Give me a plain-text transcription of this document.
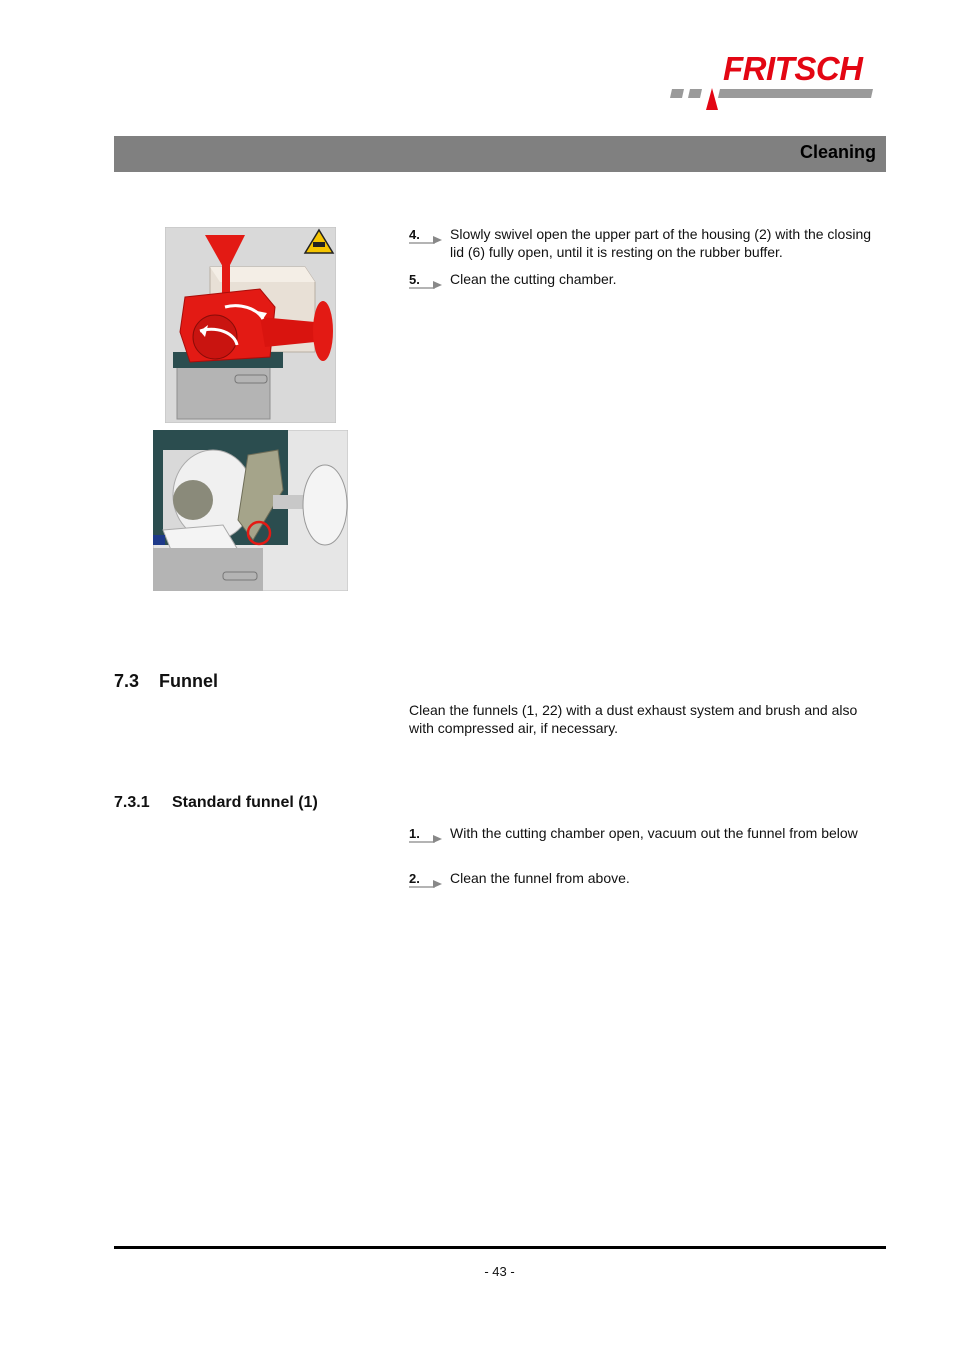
FRITSCH
Cleaning
4. Slowly swivel open the upper part of the housing (2) with the closing lid (6) fully open, until it is resting on the rubber buffer.
5. Clean the cutting chamber.
7.3 Funnel
Clean the funnels (1, 22) with a dust exhaust system and brush and also with compressed air, if necessary.
7.3.1 Standard funnel (1)
1. With the cutting chamber open, vacuum out the funnel from below
2. Clean the funnel from above.
- 43 -
